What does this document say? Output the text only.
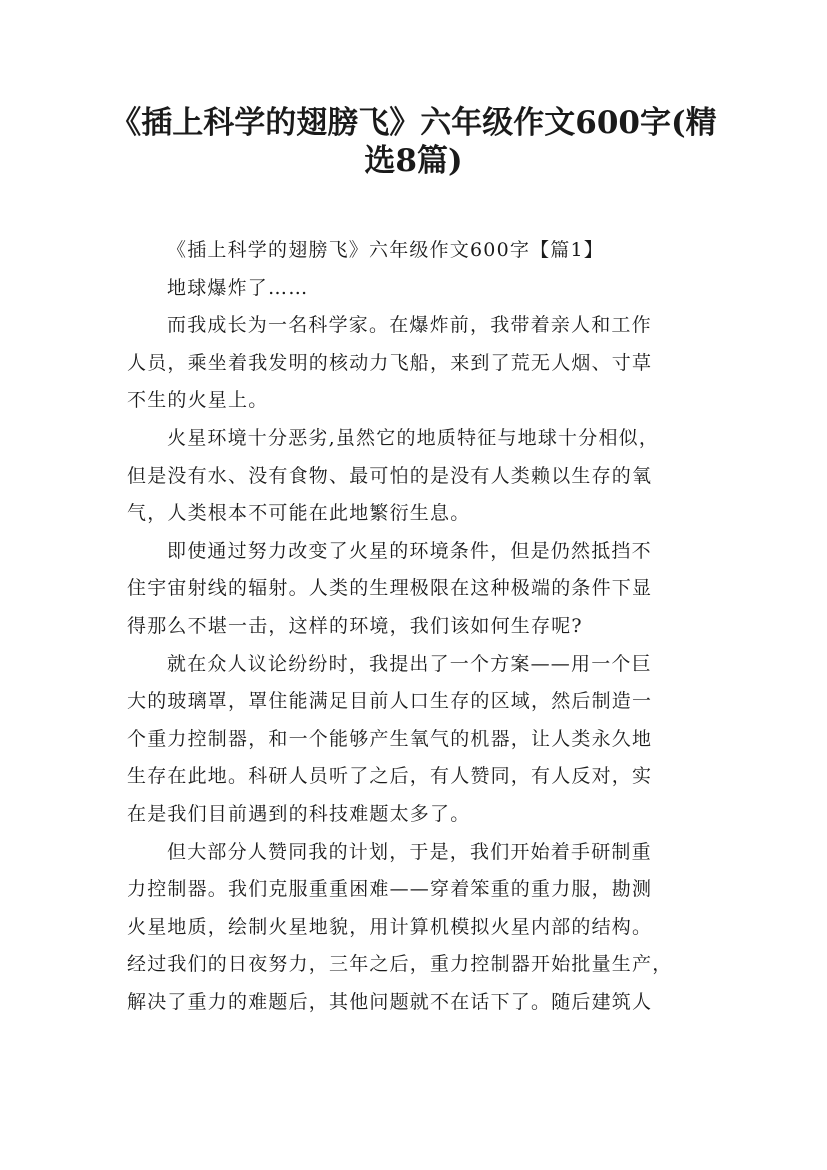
《插上科学的翅膀飞》六年级作文600字(精
选8篇)
《插上科学的翅膀飞》六年级作文600字【篇1】
地球爆炸了……
而我成长为一名科学家。在爆炸前，我带着亲人和工作
人员，乘坐着我发明的核动力飞船，来到了荒无人烟、寸草
不生的火星上。
火星环境十分恶劣,虽然它的地质特征与地球十分相似，
但是没有水、没有食物、最可怕的是没有人类赖以生存的氧
气，人类根本不可能在此地繁衍生息。
即使通过努力改变了火星的环境条件，但是仍然抵挡不
住宇宙射线的辐射。人类的生理极限在这种极端的条件下显
得那么不堪一击，这样的环境，我们该如何生存呢?
就在众人议论纷纷时，我提出了一个方案——用一个巨
大的玻璃罩，罩住能满足目前人口生存的区域，然后制造一
个重力控制器，和一个能够产生氧气的机器，让人类永久地
生存在此地。科研人员听了之后，有人赞同，有人反对，实
在是我们目前遇到的科技难题太多了。
但大部分人赞同我的计划，于是，我们开始着手研制重
力控制器。我们克服重重困难——穿着笨重的重力服，勘测
火星地质，绘制火星地貌，用计算机模拟火星内部的结构。
经过我们的日夜努力，三年之后，重力控制器开始批量生产，
解决了重力的难题后，其他问题就不在话下了。随后建筑人
